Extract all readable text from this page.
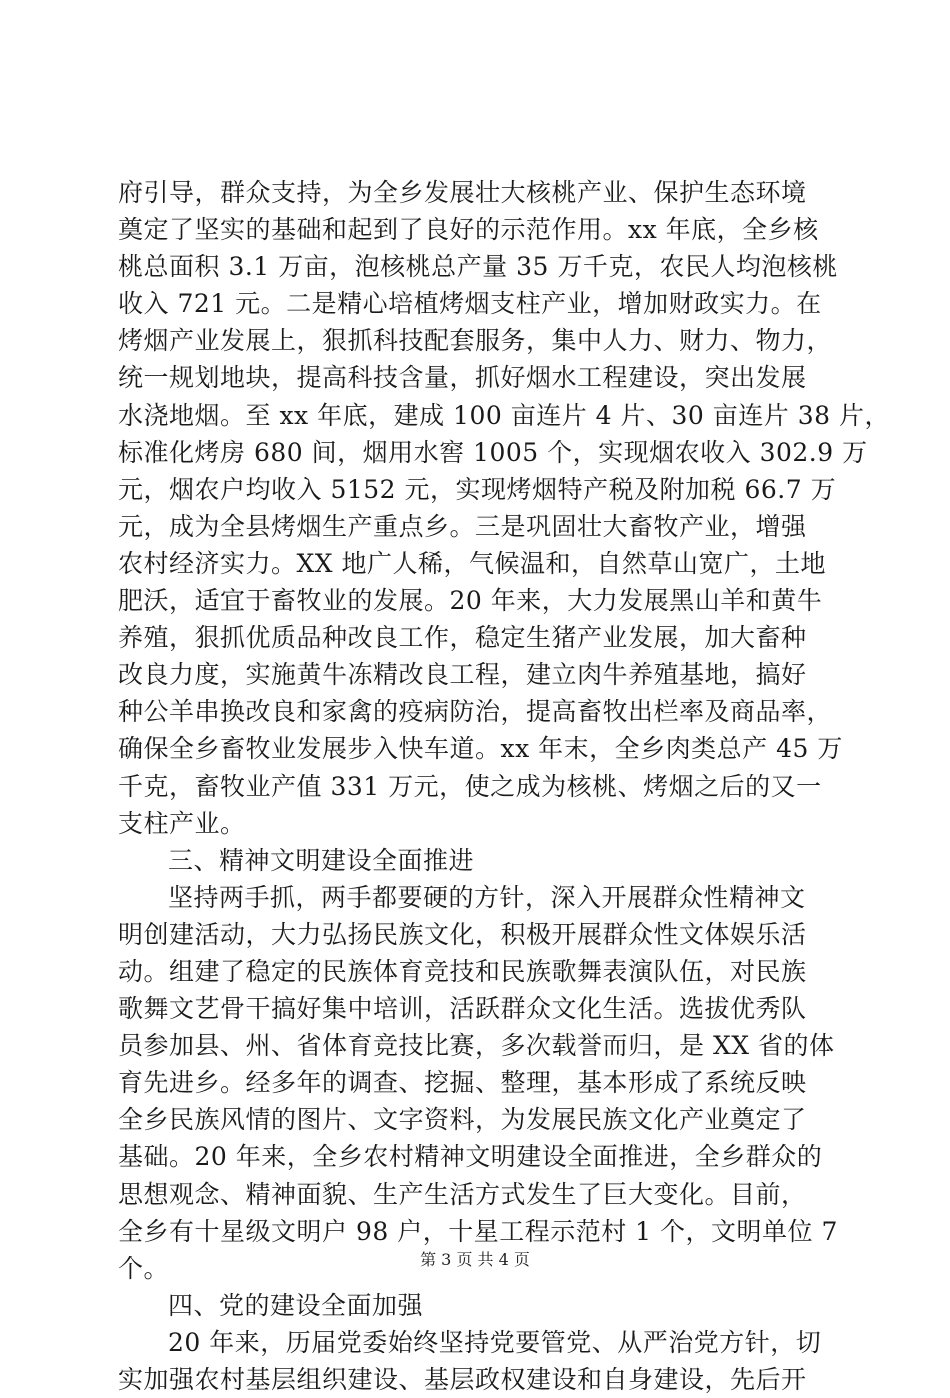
府引导，群众支持，为全乡发展壮大核桃产业、保护生态环境
奠定了坚实的基础和起到了良好的示范作用。xx 年底，全乡核
桃总面积 3.1 万亩，泡核桃总产量 35 万千克，农民人均泡核桃
收入 721 元。二是精心培植烤烟支柱产业，增加财政实力。在
烤烟产业发展上，狠抓科技配套服务，集中人力、财力、物力，
统一规划地块，提高科技含量，抓好烟水工程建设，突出发展
水浇地烟。至 xx 年底，建成 100 亩连片 4 片、30 亩连片 38 片，
标准化烤房 680 间，烟用水窖 1005 个，实现烟农收入 302.9 万
元，烟农户均收入 5152 元，实现烤烟特产税及附加税 66.7 万
元，成为全县烤烟生产重点乡。三是巩固壮大畜牧产业，增强
农村经济实力。XX 地广人稀，气候温和，自然草山宽广，土地
肥沃，适宜于畜牧业的发展。20 年来，大力发展黑山羊和黄牛
养殖，狠抓优质品种改良工作，稳定生猪产业发展，加大畜种
改良力度，实施黄牛冻精改良工程，建立肉牛养殖基地，搞好
种公羊串换改良和家禽的疫病防治，提高畜牧出栏率及商品率，
确保全乡畜牧业发展步入快车道。xx 年末，全乡肉类总产 45 万
千克，畜牧业产值 331 万元，使之成为核桃、烤烟之后的又一
支柱产业。
三、精神文明建设全面推进
坚持两手抓，两手都要硬的方针，深入开展群众性精神文
明创建活动，大力弘扬民族文化，积极开展群众性文体娱乐活
动。组建了稳定的民族体育竞技和民族歌舞表演队伍，对民族
歌舞文艺骨干搞好集中培训，活跃群众文化生活。选拔优秀队
员参加县、州、省体育竞技比赛，多次载誉而归，是 XX 省的体
育先进乡。经多年的调查、挖掘、整理，基本形成了系统反映
全乡民族风情的图片、文字资料，为发展民族文化产业奠定了
基础。20 年来，全乡农村精神文明建设全面推进，全乡群众的
思想观念、精神面貌、生产生活方式发生了巨大变化。目前，
全乡有十星级文明户 98 户，十星工程示范村 1 个，文明单位 7
个。
四、党的建设全面加强
20 年来，历届党委始终坚持党要管党、从严治党方针，切
实加强农村基层组织建设、基层政权建设和自身建设，先后开
第 3 页 共 4 页
